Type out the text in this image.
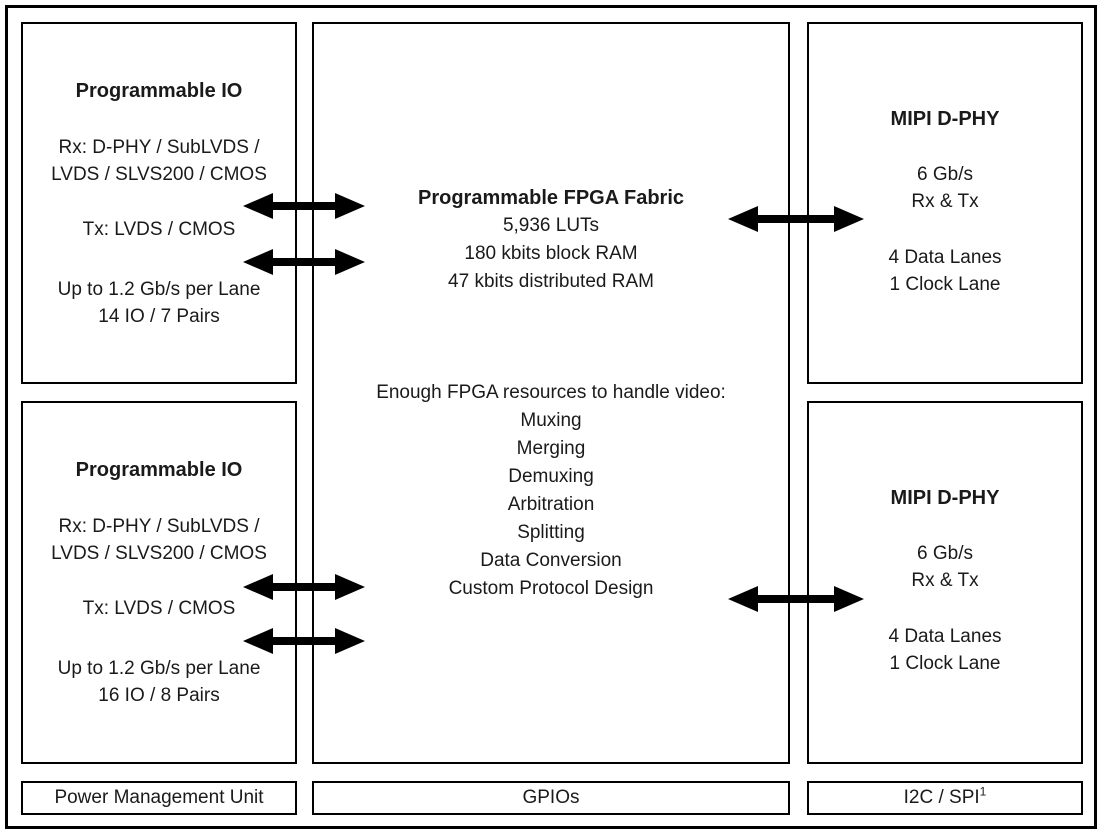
Programmable IO
Rx: D-PHY / SubLVDS /
LVDS / SLVS200 / CMOS
Tx: LVDS / CMOS
Up to 1.2 Gb/s per Lane
14 IO / 7 Pairs
Programmable IO
Rx: D-PHY / SubLVDS /
LVDS / SLVS200 / CMOS
Tx: LVDS / CMOS
Up to 1.2 Gb/s per Lane
16 IO / 8 Pairs
Programmable FPGA Fabric
5,936 LUTs
180 kbits block RAM
47 kbits distributed RAM
Enough FPGA resources to handle video:
Muxing
Merging
Demuxing
Arbitration
Splitting
Data Conversion
Custom Protocol Design
MIPI D-PHY
6 Gb/s
Rx & Tx
4 Data Lanes
1 Clock Lane
MIPI D-PHY
6 Gb/s
Rx & Tx
4 Data Lanes
1 Clock Lane
Power Management Unit	GPIOs	I2C / SPI$^1$
